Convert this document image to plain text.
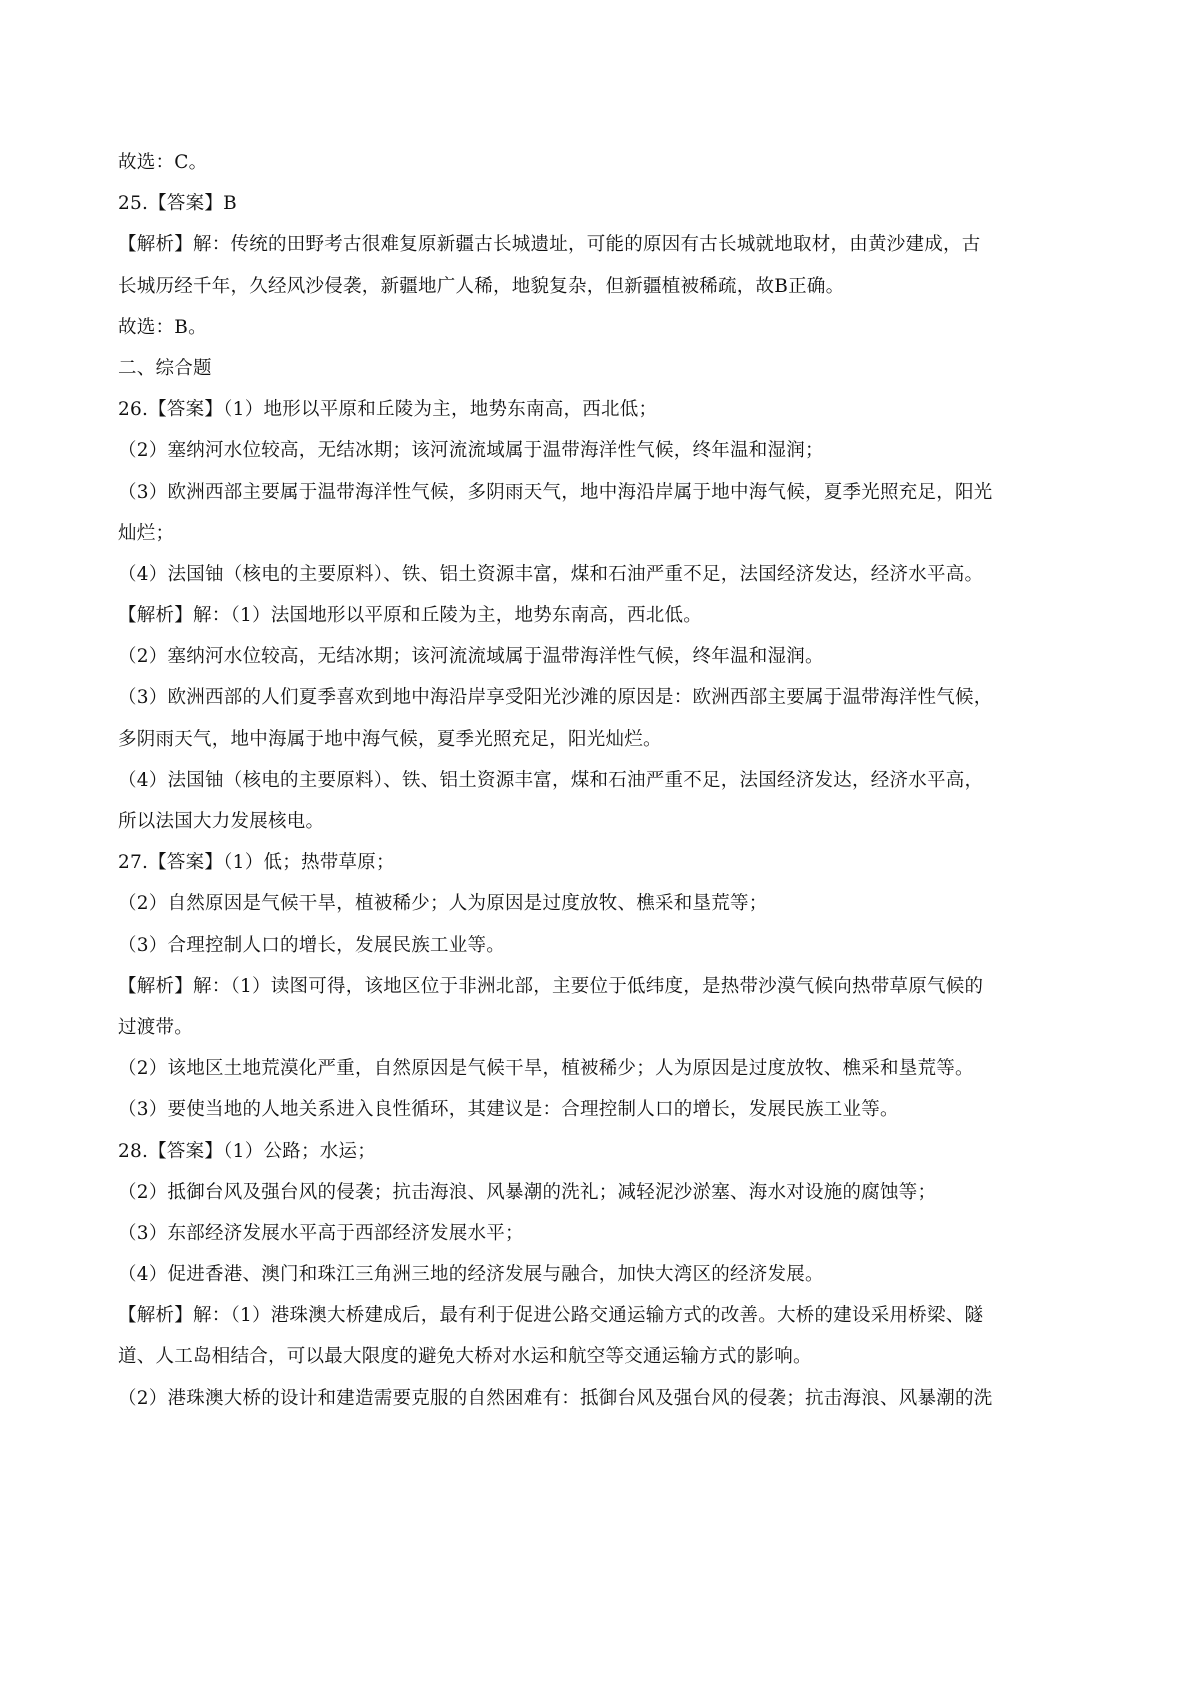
故选：C。
25.【答案】B
【解析】解：传统的田野考古很难复原新疆古长城遗址，可能的原因有古长城就地取材，由黄沙建成，古
长城历经千年，久经风沙侵袭，新疆地广人稀，地貌复杂，但新疆植被稀疏，故B正确。
故选：B。
二、综合题
26.【答案】（1）地形以平原和丘陵为主，地势东南高，西北低；
（2）塞纳河水位较高，无结冰期；该河流流域属于温带海洋性气候，终年温和湿润；
（3）欧洲西部主要属于温带海洋性气候，多阴雨天气，地中海沿岸属于地中海气候，夏季光照充足，阳光
灿烂；
（4）法国铀（核电的主要原料）、铁、铝土资源丰富，煤和石油严重不足，法国经济发达，经济水平高。
【解析】解：（1）法国地形以平原和丘陵为主，地势东南高，西北低。
（2）塞纳河水位较高，无结冰期；该河流流域属于温带海洋性气候，终年温和湿润。
（3）欧洲西部的人们夏季喜欢到地中海沿岸享受阳光沙滩的原因是：欧洲西部主要属于温带海洋性气候，
多阴雨天气，地中海属于地中海气候，夏季光照充足，阳光灿烂。
（4）法国铀（核电的主要原料）、铁、铝土资源丰富，煤和石油严重不足，法国经济发达，经济水平高，
所以法国大力发展核电。
27.【答案】（1）低；热带草原；
（2）自然原因是气候干旱，植被稀少；人为原因是过度放牧、樵采和垦荒等；
（3）合理控制人口的增长，发展民族工业等。
【解析】解：（1）读图可得，该地区位于非洲北部，主要位于低纬度，是热带沙漠气候向热带草原气候的
过渡带。
（2）该地区土地荒漠化严重，自然原因是气候干旱，植被稀少；人为原因是过度放牧、樵采和垦荒等。
（3）要使当地的人地关系进入良性循环，其建议是：合理控制人口的增长，发展民族工业等。
28.【答案】（1）公路；水运；
（2）抵御台风及强台风的侵袭；抗击海浪、风暴潮的洗礼；减轻泥沙淤塞、海水对设施的腐蚀等；
（3）东部经济发展水平高于西部经济发展水平；
（4）促进香港、澳门和珠江三角洲三地的经济发展与融合，加快大湾区的经济发展。
【解析】解：（1）港珠澳大桥建成后，最有利于促进公路交通运输方式的改善。大桥的建设采用桥梁、隧
道、人工岛相结合，可以最大限度的避免大桥对水运和航空等交通运输方式的影响。
（2）港珠澳大桥的设计和建造需要克服的自然困难有：抵御台风及强台风的侵袭；抗击海浪、风暴潮的洗
